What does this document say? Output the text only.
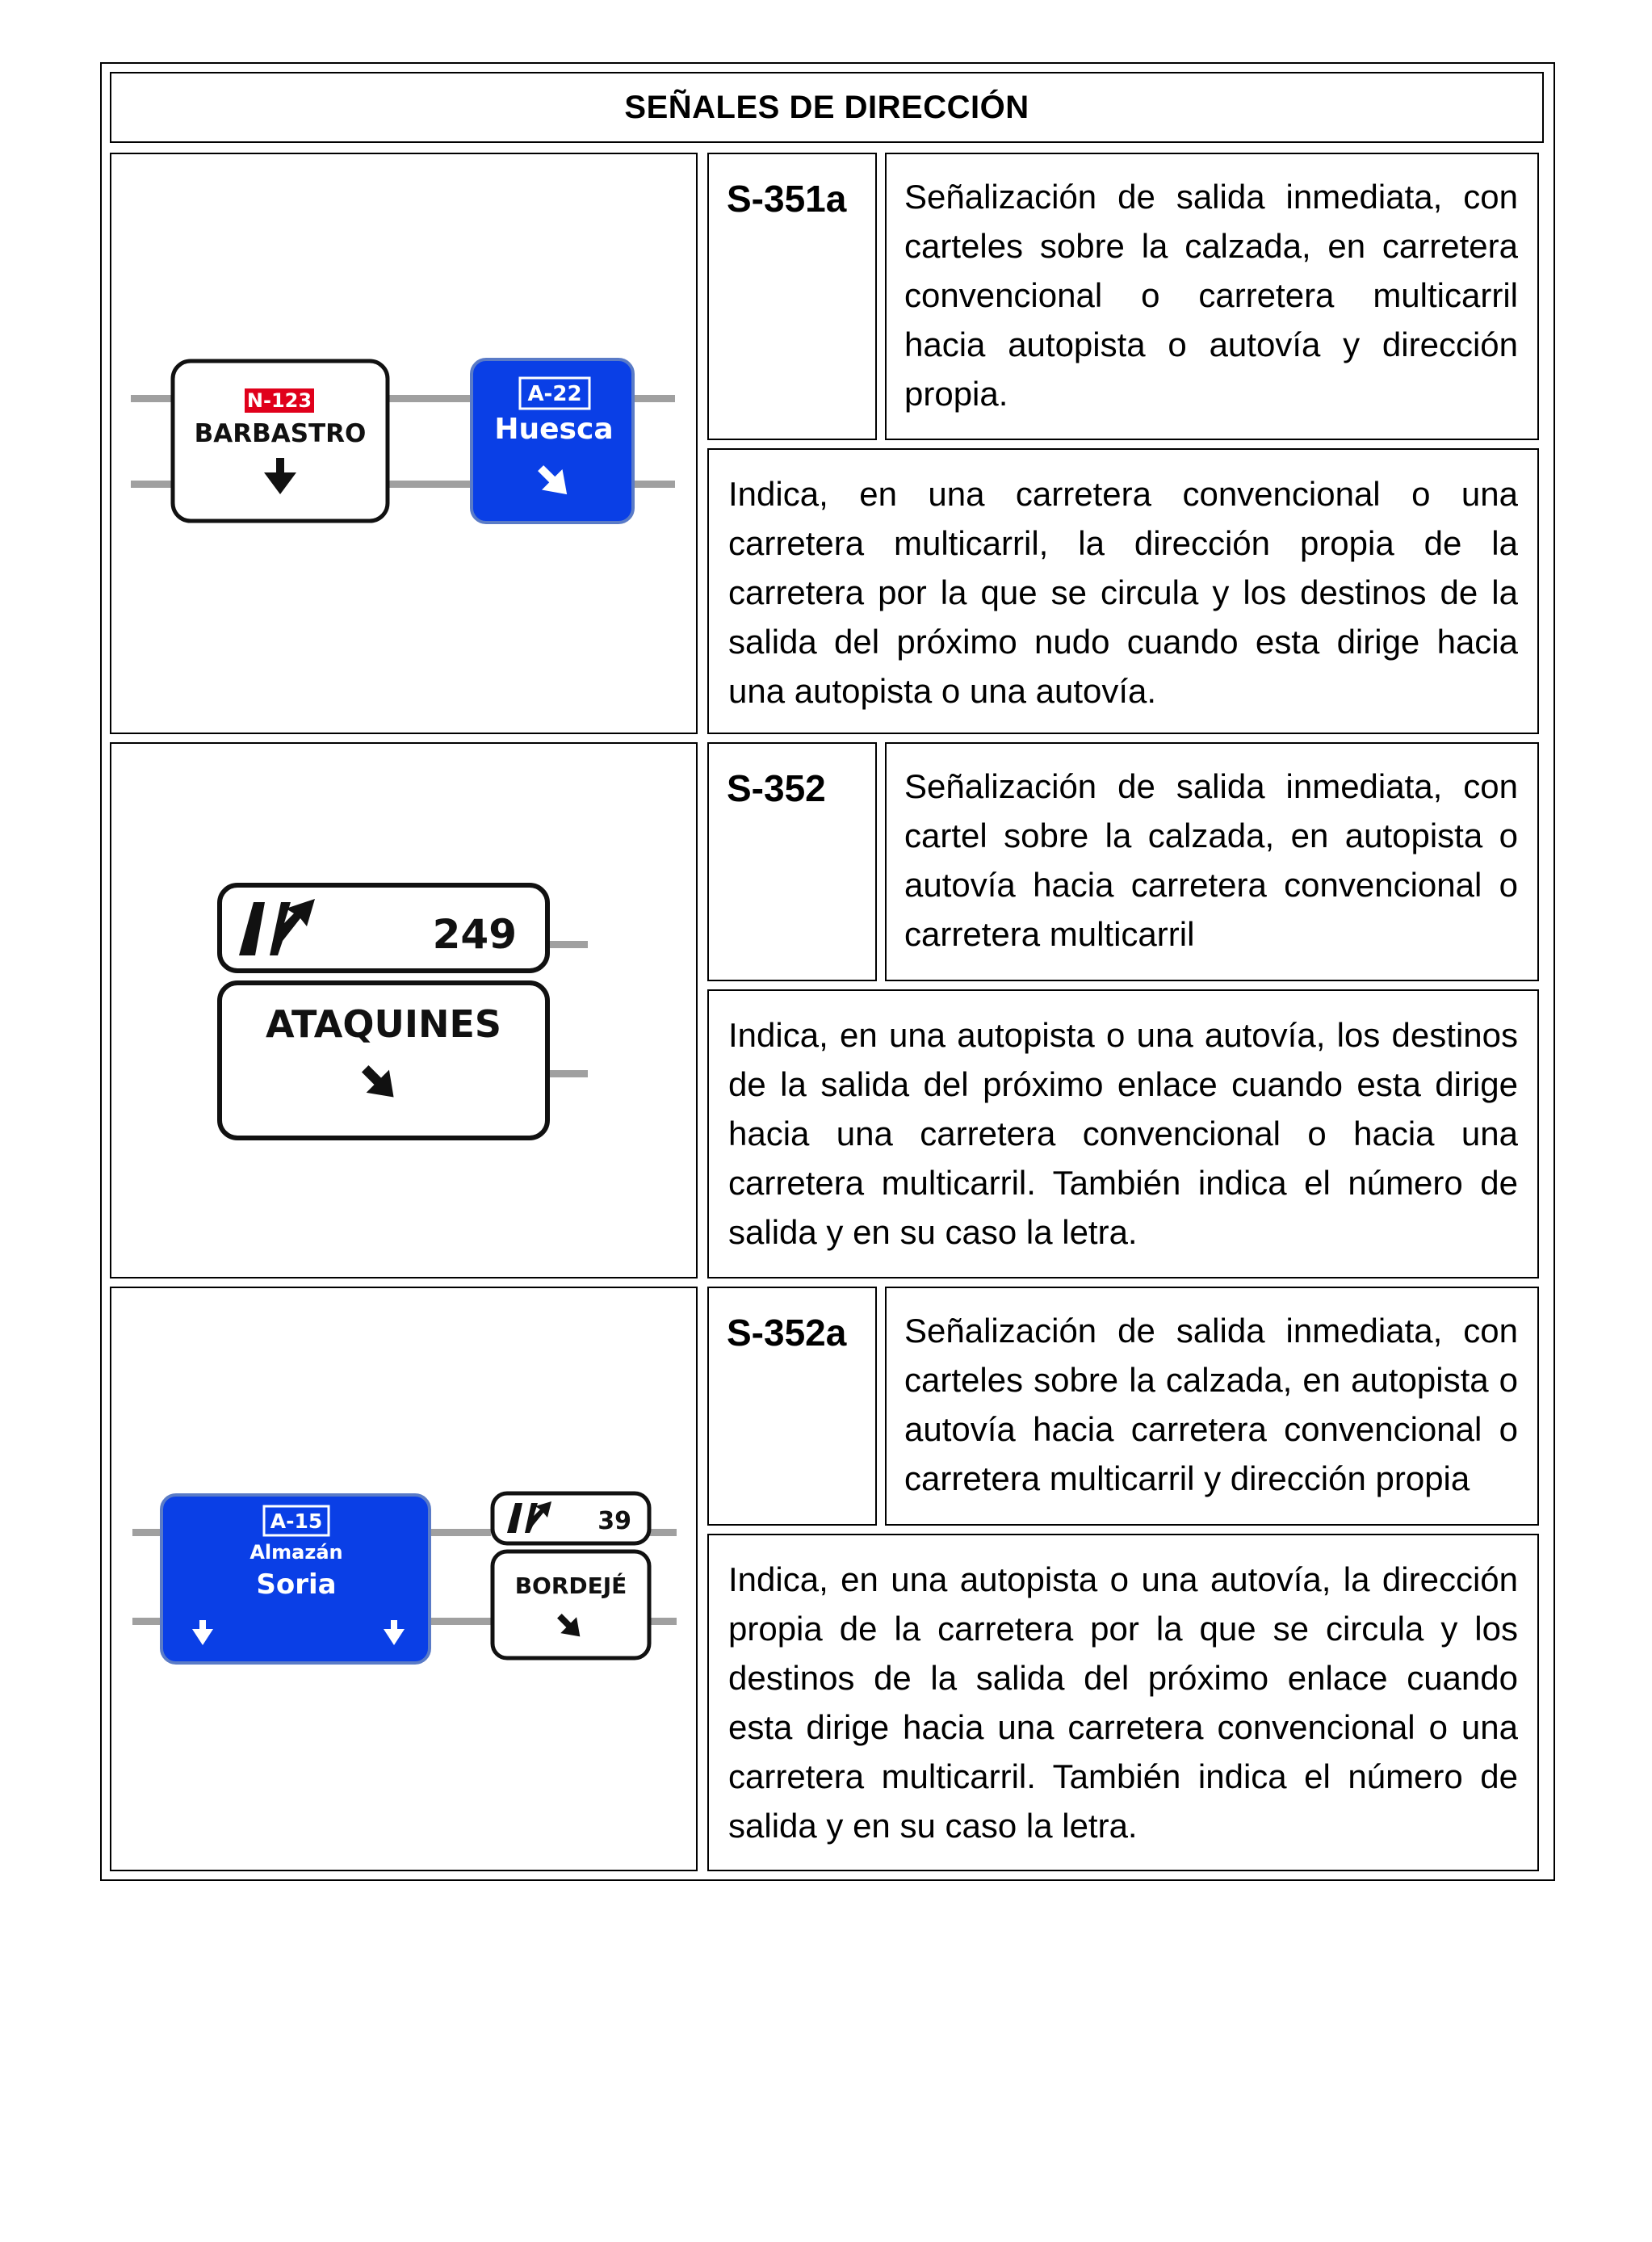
SEÑALES DE DIRECCIÓN
N-123
BARBASTRO
A-22
Huesca
S-351a	Señalización de salida inmediata, con carteles sobre la calzada, en carretera convencional o carretera multicarril hacia autopista o autovía y dirección propia.
Indica, en una carretera convencional o una carretera multicarril, la dirección propia de la carretera por la que se circula y los destinos de la salida del próximo nudo cuando esta dirige hacia una autopista o una autovía.
249
ATAQUINES
S-352	Señalización de salida inmediata, con cartel sobre la calzada, en autopista o autovía hacia carretera convencional o carretera multicarril
Indica, en una autopista o una autovía, los destinos de la salida del próximo enlace cuando esta dirige hacia una carretera convencional o hacia una carretera multicarril. También indica el número de salida y en su caso la letra.
A-15
Almazán
Soria
39
BORDEJÉ
S-352a	Señalización de salida inmediata, con carteles sobre la calzada, en autopista o autovía hacia carretera convencional o carretera multicarril y dirección propia
Indica, en una autopista o una autovía, la dirección propia de la carretera por la que se circula y los destinos de la salida del próximo enlace cuando esta dirige hacia una carretera convencional o una carretera multicarril. También indica el número de salida y en su caso la letra.
